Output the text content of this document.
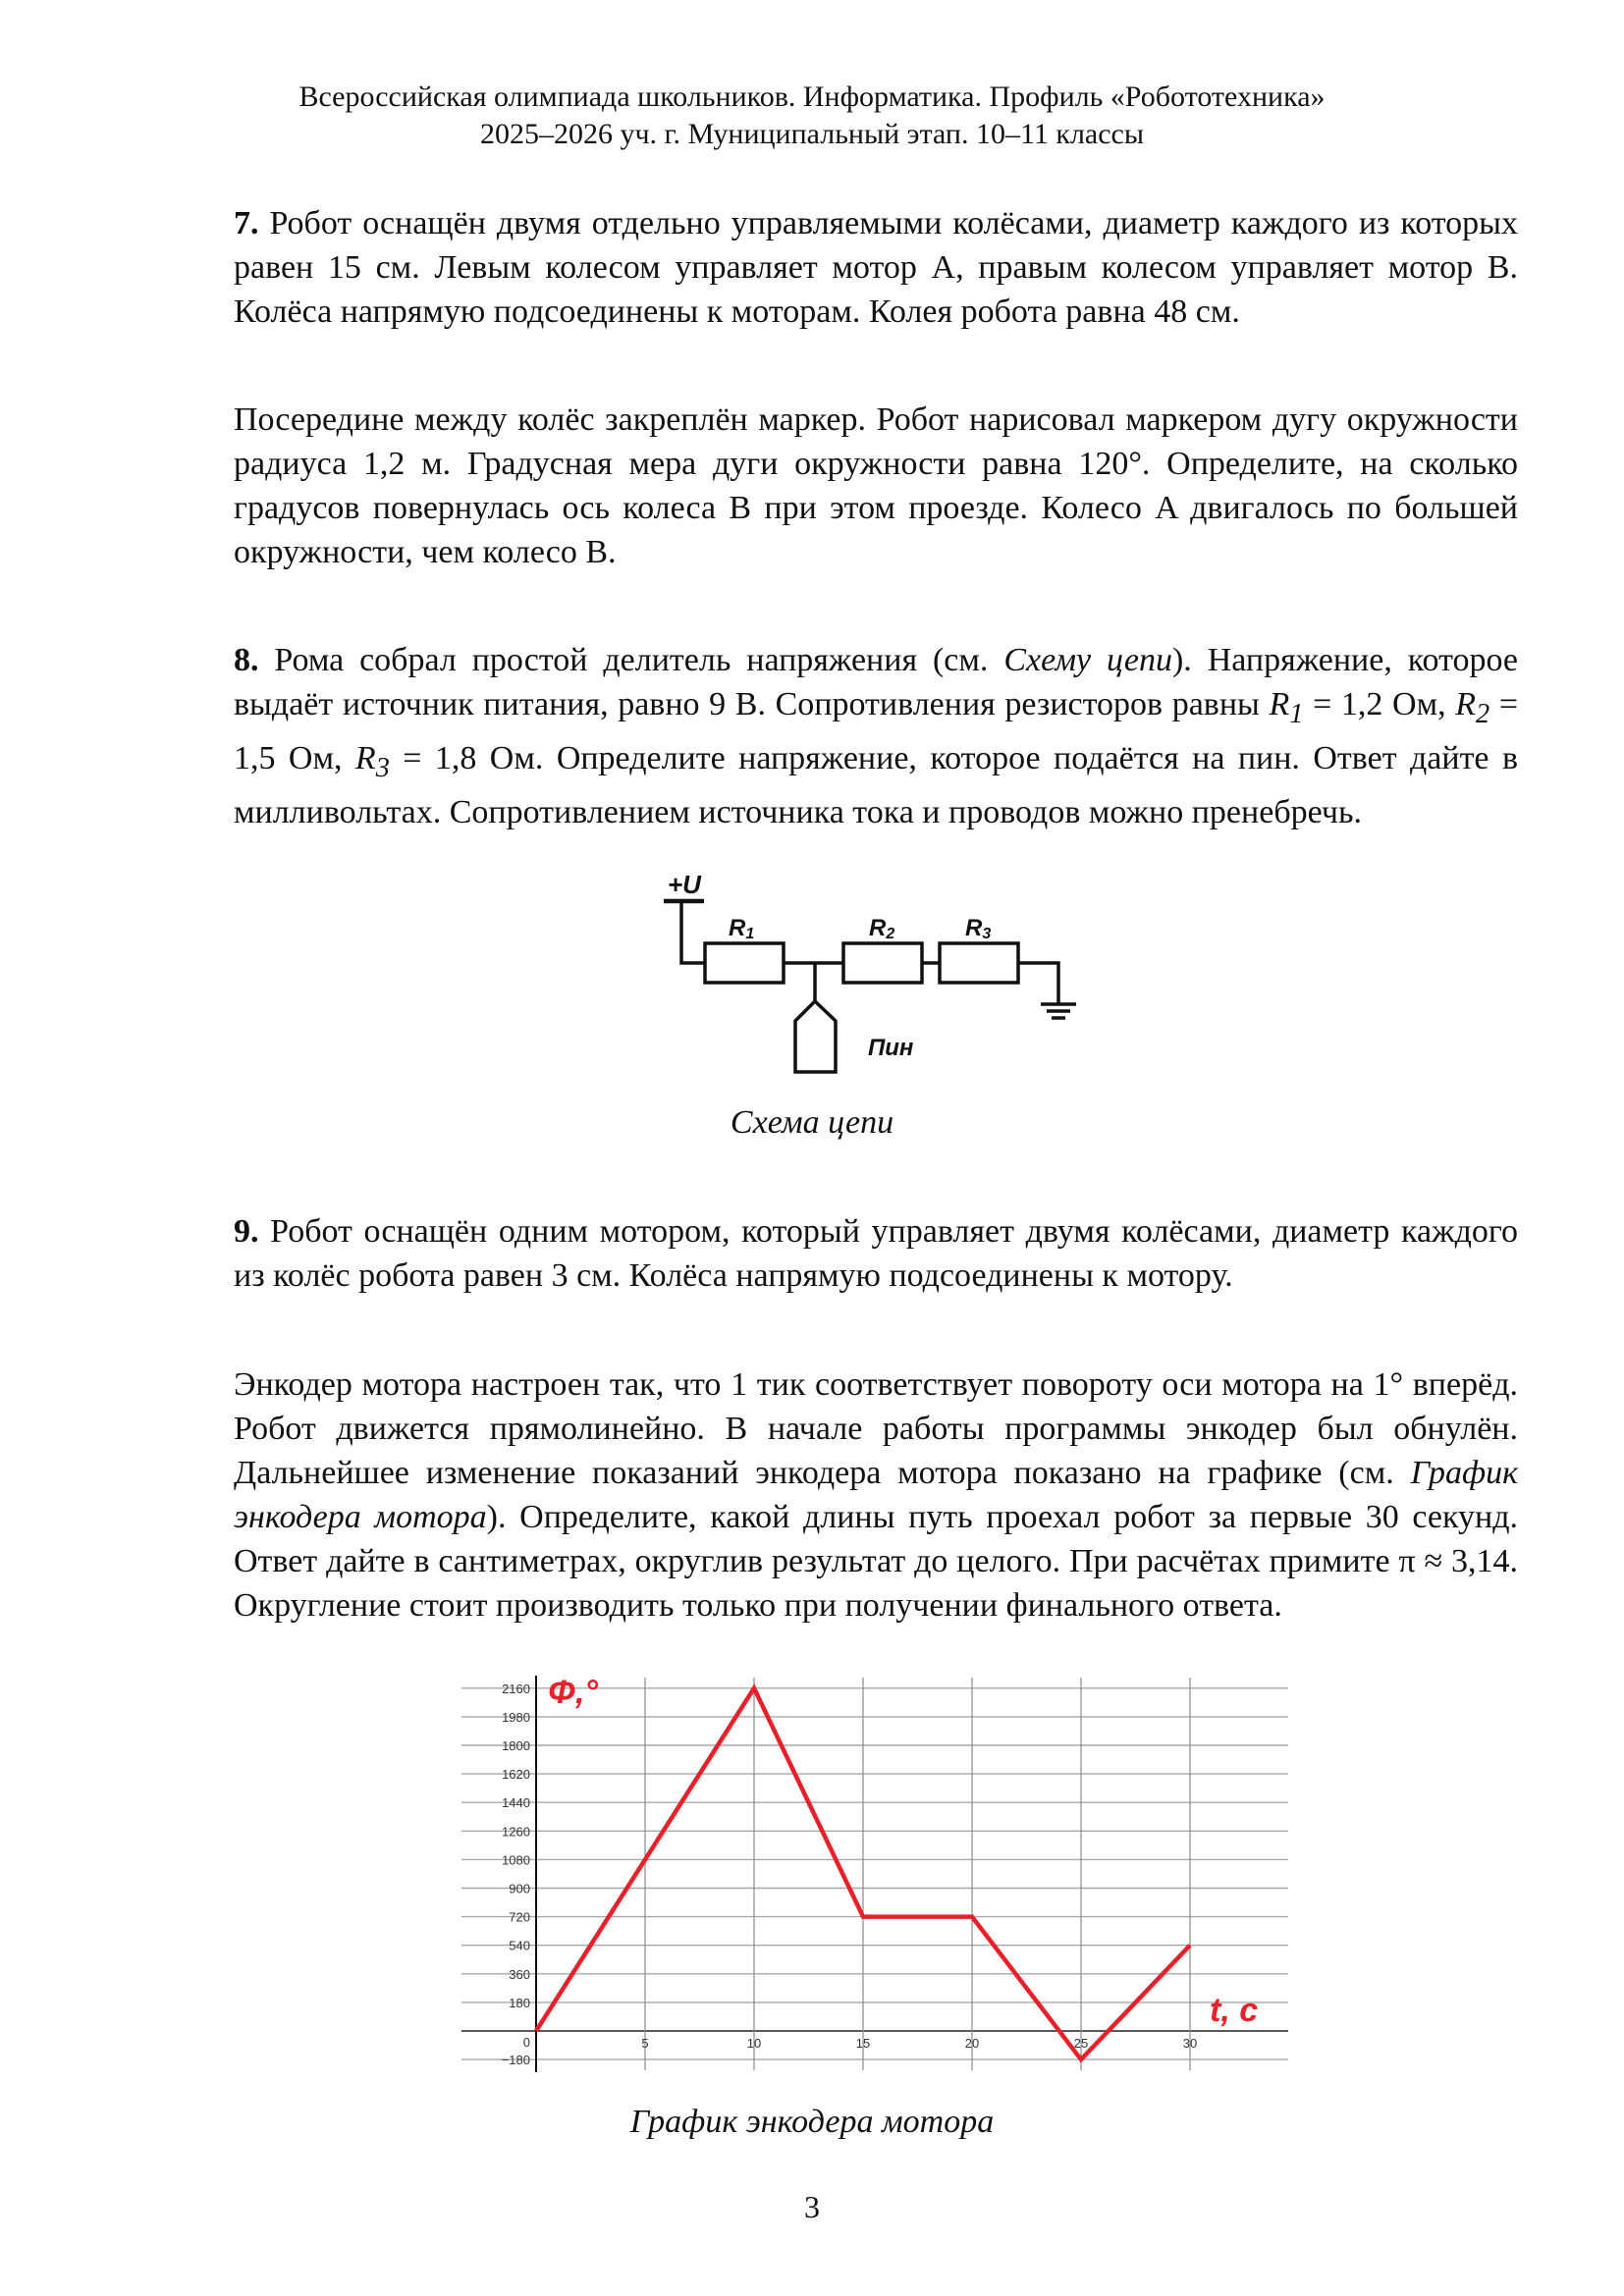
Всероссийская олимпиада школьников. Информатика. Профиль «Робототехника»
2025–2026 уч. г. Муниципальный этап. 10–11 классы
7. Робот оснащён двумя отдельно управляемыми колёсами, диаметр каждого из которых равен 15 см. Левым колесом управляет мотор A, правым колесом управляет мотор B. Колёса напрямую подсоединены к моторам. Колея робота равна 48 см.
Посередине между колёс закреплён маркер. Робот нарисовал маркером дугу окружности радиуса 1,2 м. Градусная мера дуги окружности равна 120°. Определите, на сколько градусов повернулась ось колеса B при этом проезде. Колесо A двигалось по большей окружности, чем колесо B.
8. Рома собрал простой делитель напряжения (см. Схему цепи). Напряжение, которое выдаёт источник питания, равно 9 В. Сопротивления резисторов равны $R_1 = 1,2$ Ом, $R_2 = 1,5$ Ом, $R_3 = 1,8$ Ом. Определите напряжение, которое подаётся на пин. Ответ дайте в милливольтах. Сопротивлением источника тока и проводов можно пренебречь.
+U
R1	R2	R3
Пин
Схема цепи
9. Робот оснащён одним мотором, который управляет двумя колёсами, диаметр каждого из колёс робота равен 3 см. Колёса напрямую подсоединены к мотору.
Энкодер мотора настроен так, что 1 тик соответствует повороту оси мотора на 1° вперёд. Робот движется прямолинейно. В начале работы программы энкодер был обнулён. Дальнейшее изменение показаний энкодера мотора показано на графике (см. График энкодера мотора). Определите, какой длины путь проехал робот за первые 30 секунд. Ответ дайте в сантиметрах, округлив результат до целого. При расчётах примите π ≈ 3,14. Округление стоит производить только при получении финального ответа.
−180
0
180
360
540
720
900
1080
1260
1440
1620
1800
1980
2160
5	10	15	20	25	30
Φ,°
t, c
График энкодера мотора
3
